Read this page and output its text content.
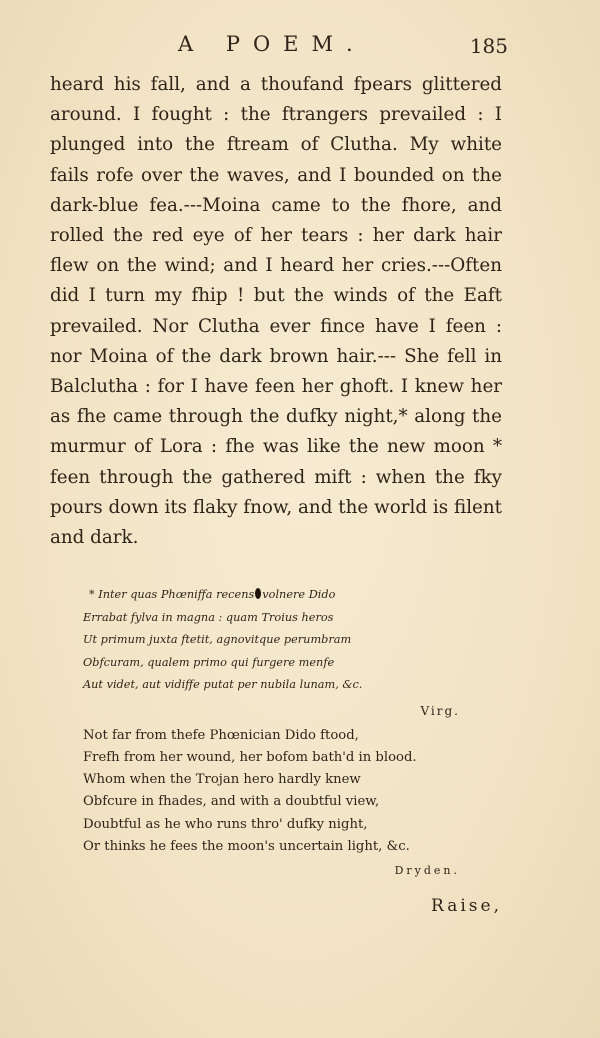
A POEM.	185

heard his fall, and a thoufand fpears glittered around. I fought : the ftrangers prevailed : I plunged into the ftream of Clutha. My white fails rofe over the waves, and I bounded on the dark-blue fea.---Moina came to the fhore, and rolled the red eye of her tears : her dark hair flew on the wind; and I heard her cries.---Often did I turn my fhip ! but the winds of the Eaft prevailed. Nor Clutha ever fince have I feen : nor Moina of the dark brown hair.--- She fell in Balclutha : for I have feen her ghoft. I knew her as fhe came through the dufky night,* along the murmur of Lora : fhe was like the new moon * feen through the gathered mift : when the fky pours down its flaky fnow, and the world is filent and dark.

* Inter quas Phœniffa recens volnere Dido
Errabat fylva in magna : quam Troius heros
Ut primum juxta ftetit, agnovitque perumbram
Obfcuram, qualem primo qui furgere menfe
Aut videt, aut vidiffe putat per nubila lunam, &c.
Virg.
Not far from thefe Phœnician Dido ftood,
Frefh from her wound, her bofom bath'd in blood.
Whom when the Trojan hero hardly knew
Obfcure in fhades, and with a doubtful view,
Doubtful as he who runs thro' dufky night,
Or thinks he fees the moon's uncertain light, &c.
Dryden.
Raise,
